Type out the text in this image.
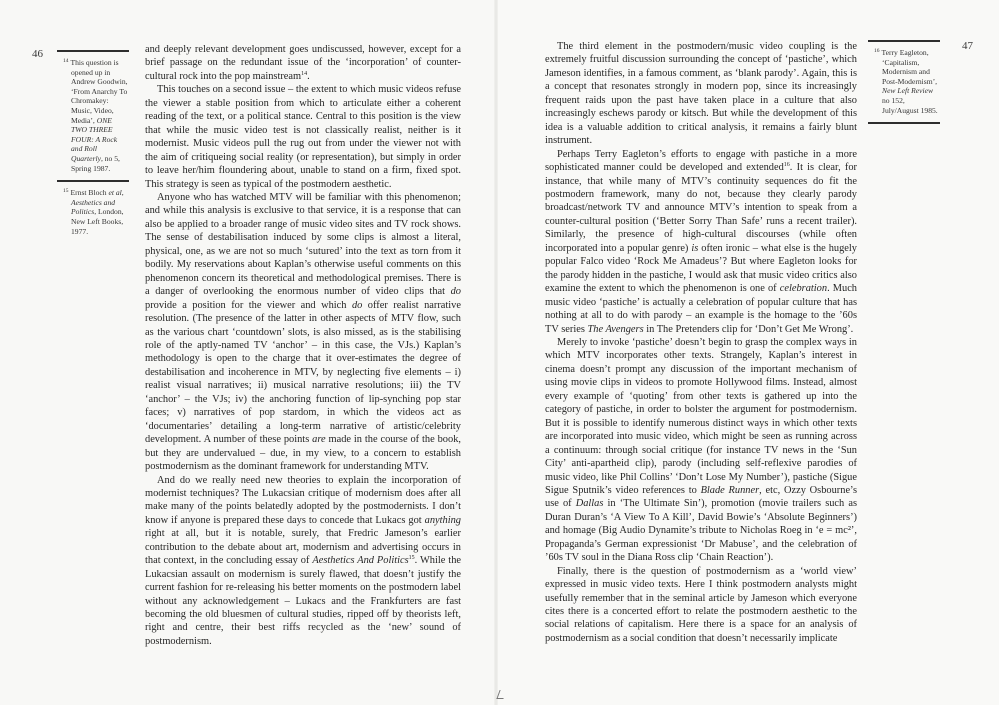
46
47
$^{14}$ This question is opened up in Andrew Goodwin, ‘From Anarchy To Chromakey: Music, Video, Media’, ONE TWO THREE FOUR: A Rock and Roll Quarterly, no 5, Spring 1987.
$^{15}$ Ernst Bloch et al, Aesthetics and Politics, London, New Left Books, 1977.
$^{16}$ Terry Eagleton, ‘Capitalism, Modernism and Post-Modernism’, New Left Review no 152, July/August 1985.

and deeply relevant development goes undiscussed, however, except for a brief passage on the redundant issue of the ‘incorporation’ of counter-cultural rock into the pop mainstream$^{14}$.

This touches on a second issue – the extent to which music videos refuse the viewer a stable position from which to articulate either a coherent reading of the text, or a political stance. Central to this position is the view that while the music video test is not classically realist, neither is it modernist. Music videos pull the rug out from under the viewer not with the aim of critiqueing social reality (or representation), but simply in order to leave her/him floundering about, unable to stand on a firm, fixed spot. This strategy is seen as typical of the postmodern aesthetic.

Anyone who has watched MTV will be familiar with this phenomenon; and while this analysis is exclusive to that service, it is a response that can also be applied to a broader range of music video sites and TV rock shows. The sense of destabilisation induced by some clips is almost a literal, physical, one, as we are not so much ‘sutured’ into the text as torn from it bodily. My reservations about Kaplan’s otherwise useful comments on this phenomenon concern its theoretical and methodological premises. There is a danger of overlooking the enormous number of video clips that do provide a position for the viewer and which do offer realist narrative resolution. (The presence of the latter in other aspects of MTV flow, such as the various chart ‘countdown’ slots, is also missed, as is the stabilising role of the aptly-named TV ‘anchor’ – in this case, the VJs.) Kaplan’s methodology is open to the charge that it over-estimates the degree of destabilisation and incoherence in MTV, by neglecting five elements – i) realist visual narratives; ii) musical narrative resolutions; iii) the TV ‘anchor’ – the VJs; iv) the anchoring function of lip-synching pop star faces; v) narratives of pop stardom, in which the videos act as ‘documentaries’ detailing a long-term narrative of artistic/celebrity development. A number of these points are made in the course of the book, but they are undervalued – due, in my view, to a concern to establish postmodernism as the dominant framework for understanding MTV.

And do we really need new theories to explain the incorporation of modernist techniques? The Lukacsian critique of modernism does after all make many of the points belatedly adopted by the postmodernists. I don’t know if anyone is prepared these days to concede that Lukacs got anything right at all, but it is notable, surely, that Fredric Jameson’s earlier contribution to the debate about art, modernism and advertising occurs in that context, in the concluding essay of Aesthetics And Politics$^{15}$. While the Lukacsian assault on modernism is surely flawed, that doesn’t justify the current fashion for re-releasing his better moments on the postmodern label without any acknowledgement – Lukacs and the Frankfurters are fast becoming the old bluesmen of cultural studies, ripped off by theorists left, right and centre, their best riffs recycled as the ‘new’ sound of postmodernism.

The third element in the postmodern/music video coupling is the extremely fruitful discussion surrounding the concept of ‘pastiche’, which Jameson identifies, in a famous comment, as ‘blank parody’. Again, this is a concept that resonates strongly in modern pop, since its increasingly frequent raids upon the past have taken place in a culture that also increasingly eschews parody or kitsch. But while the development of this idea is a valuable addition to critical analysis, it remains a fairly blunt instrument.

Perhaps Terry Eagleton’s efforts to engage with pastiche in a more sophisticated manner could be developed and extended$^{16}$. It is clear, for instance, that while many of MTV’s continuity sequences do fit the postmodern framework, many do not, because they clearly parody broadcast/network TV and announce MTV’s intention to speak from a counter-cultural position (‘Better Sorry Than Safe’ runs a recent trailer). Similarly, the presence of high-cultural discourses (while often incorporated into a popular genre) is often ironic – what else is the hugely popular Falco video ‘Rock Me Amadeus’? But where Eagleton looks for the parody hidden in the pastiche, I would ask that music video critics also examine the extent to which the phenomenon is one of celebration. Much music video ‘pastiche’ is actually a celebration of popular culture that has nothing at all to do with parody – an example is the homage to the ’60s TV series The Avengers in The Pretenders clip for ‘Don’t Get Me Wrong’.

Merely to invoke ‘pastiche’ doesn’t begin to grasp the complex ways in which MTV incorporates other texts. Strangely, Kaplan’s interest in cinema doesn’t prompt any discussion of the important mechanism of using movie clips in videos to promote Hollywood films. Instead, almost every example of ‘quoting’ from other texts is gathered up into the category of pastiche, in order to bolster the argument for postmodernism. But it is possible to identify numerous distinct ways in which other texts are incorporated into music video, which might be seen as running across a continuum: through social critique (for instance TV news in the ‘Sun City’ anti-apartheid clip), parody (including self-reflexive parodies of music video, like Phil Collins’ ‘Don’t Lose My Number’), pastiche (Sigue Sigue Sputnik’s video references to Blade Runner, etc, Ozzy Osbourne’s use of Dallas in ‘The Ultimate Sin’), promotion (movie trailers such as Duran Duran’s ‘A View To A Kill’, David Bowie’s ‘Absolute Beginners’) and homage (Big Audio Dynamite’s tribute to Nicholas Roeg in ‘e = mc²’, Propaganda’s German expressionist ‘Dr Mabuse’, and the celebration of ’60s TV soul in the Diana Ross clip ‘Chain Reaction’).

Finally, there is the question of postmodernism as a ‘world view’ expressed in music video texts. Here I think postmodern analysts might usefully remember that in the seminal article by Jameson which everyone cites there is a concerted effort to relate the postmodern aesthetic to the social relations of capitalism. Here there is a space for an analysis of postmodernism as a social condition that doesn’t necessarily implicate
